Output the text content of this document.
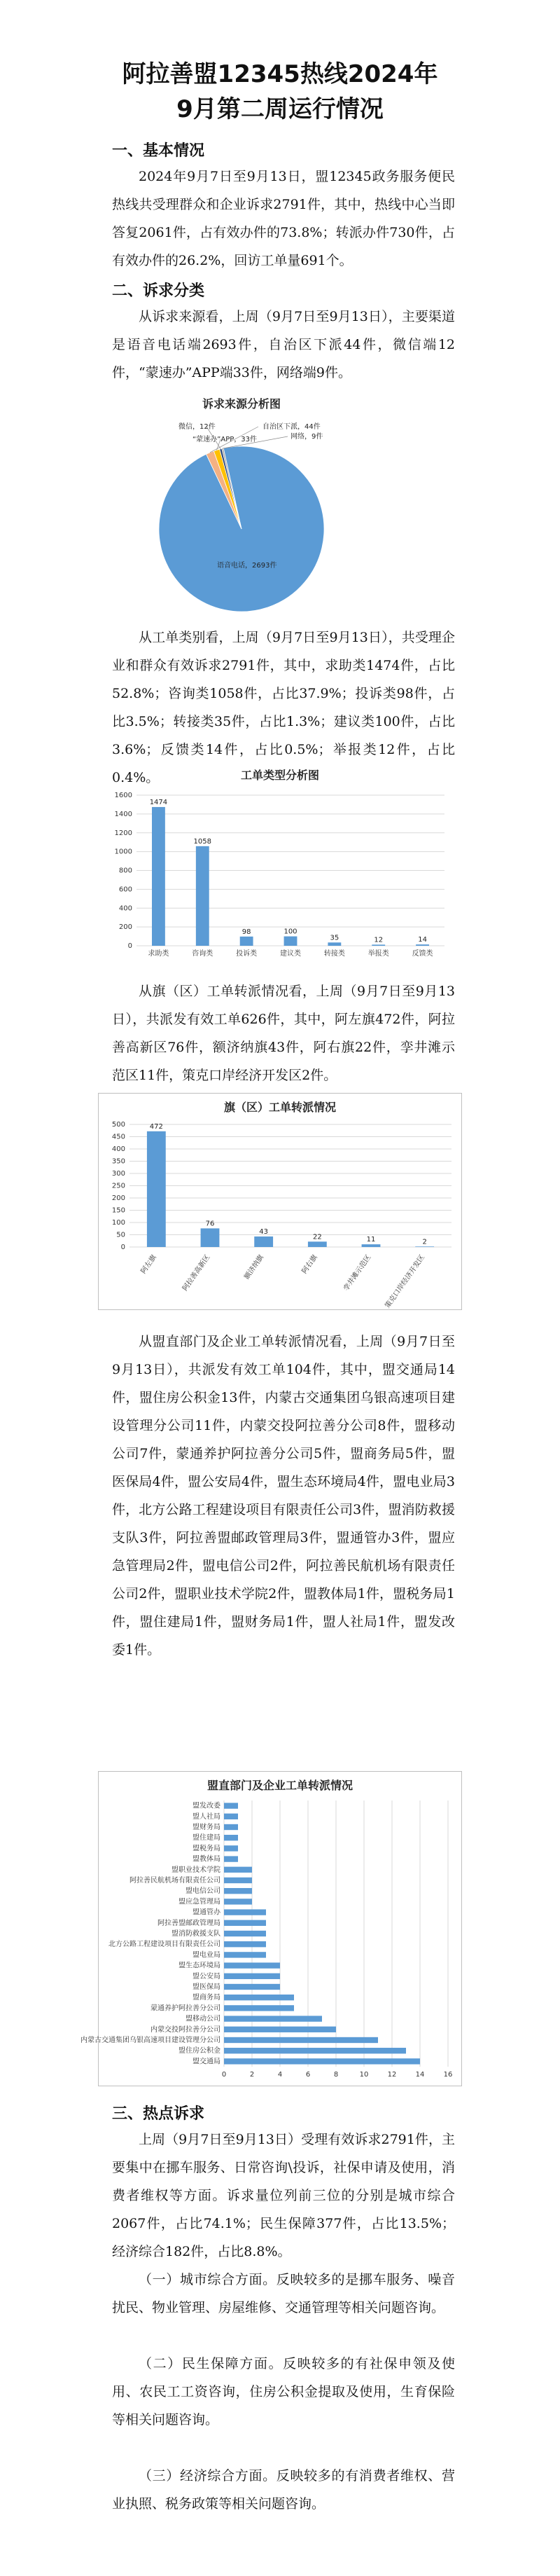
阿拉善盟12345热线2024年
9月第二周运行情况
一、基本情况
2024年9月7日至9月13日，盟12345政务服务便民热线共受理群众和企业诉求2791件，其中，热线中心当即答复2061件，占有效办件的73.8%；转派办件730件，占有效办件的26.2%，回访工单量691个。
二、诉求分类
从诉求来源看，上周（9月7日至9月13日），主要渠道是语音电话端2693件，自治区下派44件，微信端12件，“蒙速办”APP端33件，网络端9件。
诉求来源分析图
语音电话，2693件
自治区下派，44件
“蒙速办”APP，33件
微信，12件
网络，9件
从工单类别看，上周（9月7日至9月13日），共受理企业和群众有效诉求2791件，其中，求助类1474件，占比52.8%；咨询类1058件，占比37.9%；投诉类98件，占比3.5%；转接类35件，占比1.3%；建议类100件，占比3.6%；反馈类14件，占比0.5%；举报类12件，占比0.4%。	工单类型分析图
0
200
400
600
800
1000
1200
1400
1600
1474
求助类
1058
咨询类
98
投诉类
100
建议类
35
转接类
12
举报类
14
反馈类
从旗（区）工单转派情况看，上周（9月7日至9月13日），共派发有效工单626件，其中，阿左旗472件，阿拉善高新区76件，额济纳旗43件，阿右旗22件，孪井滩示范区11件，策克口岸经济开发区2件。
旗（区）工单转派情况
0
50
100
150
200
250
300
350
400
450
500	472
阿左旗
76
阿拉善高新区
43
额济纳旗
22
阿右旗
11
孪井滩示范区
2
策克口岸经济开发区
从盟直部门及企业工单转派情况看，上周（9月7日至9月13日），共派发有效工单104件，其中，盟交通局14件，盟住房公积金13件，内蒙古交通集团乌银高速项目建设管理分公司11件，内蒙交投阿拉善分公司8件，盟移动公司7件，蒙通养护阿拉善分公司5件，盟商务局5件，盟医保局4件，盟公安局4件，盟生态环境局4件，盟电业局3件，北方公路工程建设项目有限责任公司3件，盟消防救援支队3件，阿拉善盟邮政管理局3件，盟通管办3件，盟应急管理局2件，盟电信公司2件，阿拉善民航机场有限责任公司2件，盟职业技术学院2件，盟教体局1件，盟税务局1件，盟住建局1件，盟财务局1件，盟人社局1件，盟发改委1件。
盟直部门及企业工单转派情况
0	2	4	6	8	10	12	14	16
盟交通局
盟住房公积金
内蒙古交通集团乌银高速项目建设管理分公司
内蒙交投阿拉善分公司
盟移动公司
蒙通养护阿拉善分公司
盟商务局
盟医保局
盟公安局
盟生态环境局
盟电业局
北方公路工程建设项目有限责任公司
盟消防救援支队
阿拉善盟邮政管理局
盟通管办
盟应急管理局
盟电信公司
阿拉善民航机场有限责任公司
盟职业技术学院
盟教体局
盟税务局
盟住建局
盟财务局
盟人社局
盟发改委
三、热点诉求
上周（9月7日至9月13日）受理有效诉求2791件，主要集中在挪车服务、日常咨询\投诉，社保申请及使用，消费者维权等方面。诉求量位列前三位的分别是城市综合2067件，占比74.1%；民生保障377件，占比13.5%；经济综合182件，占比8.8%。
（一）城市综合方面。反映较多的是挪车服务、噪音扰民、物业管理、房屋维修、交通管理等相关问题咨询。
（二）民生保障方面。反映较多的有社保申领及使用、农民工工资咨询，住房公积金提取及使用，生育保险等相关问题咨询。
（三）经济综合方面。反映较多的有消费者维权、营业执照、税务政策等相关问题咨询。
